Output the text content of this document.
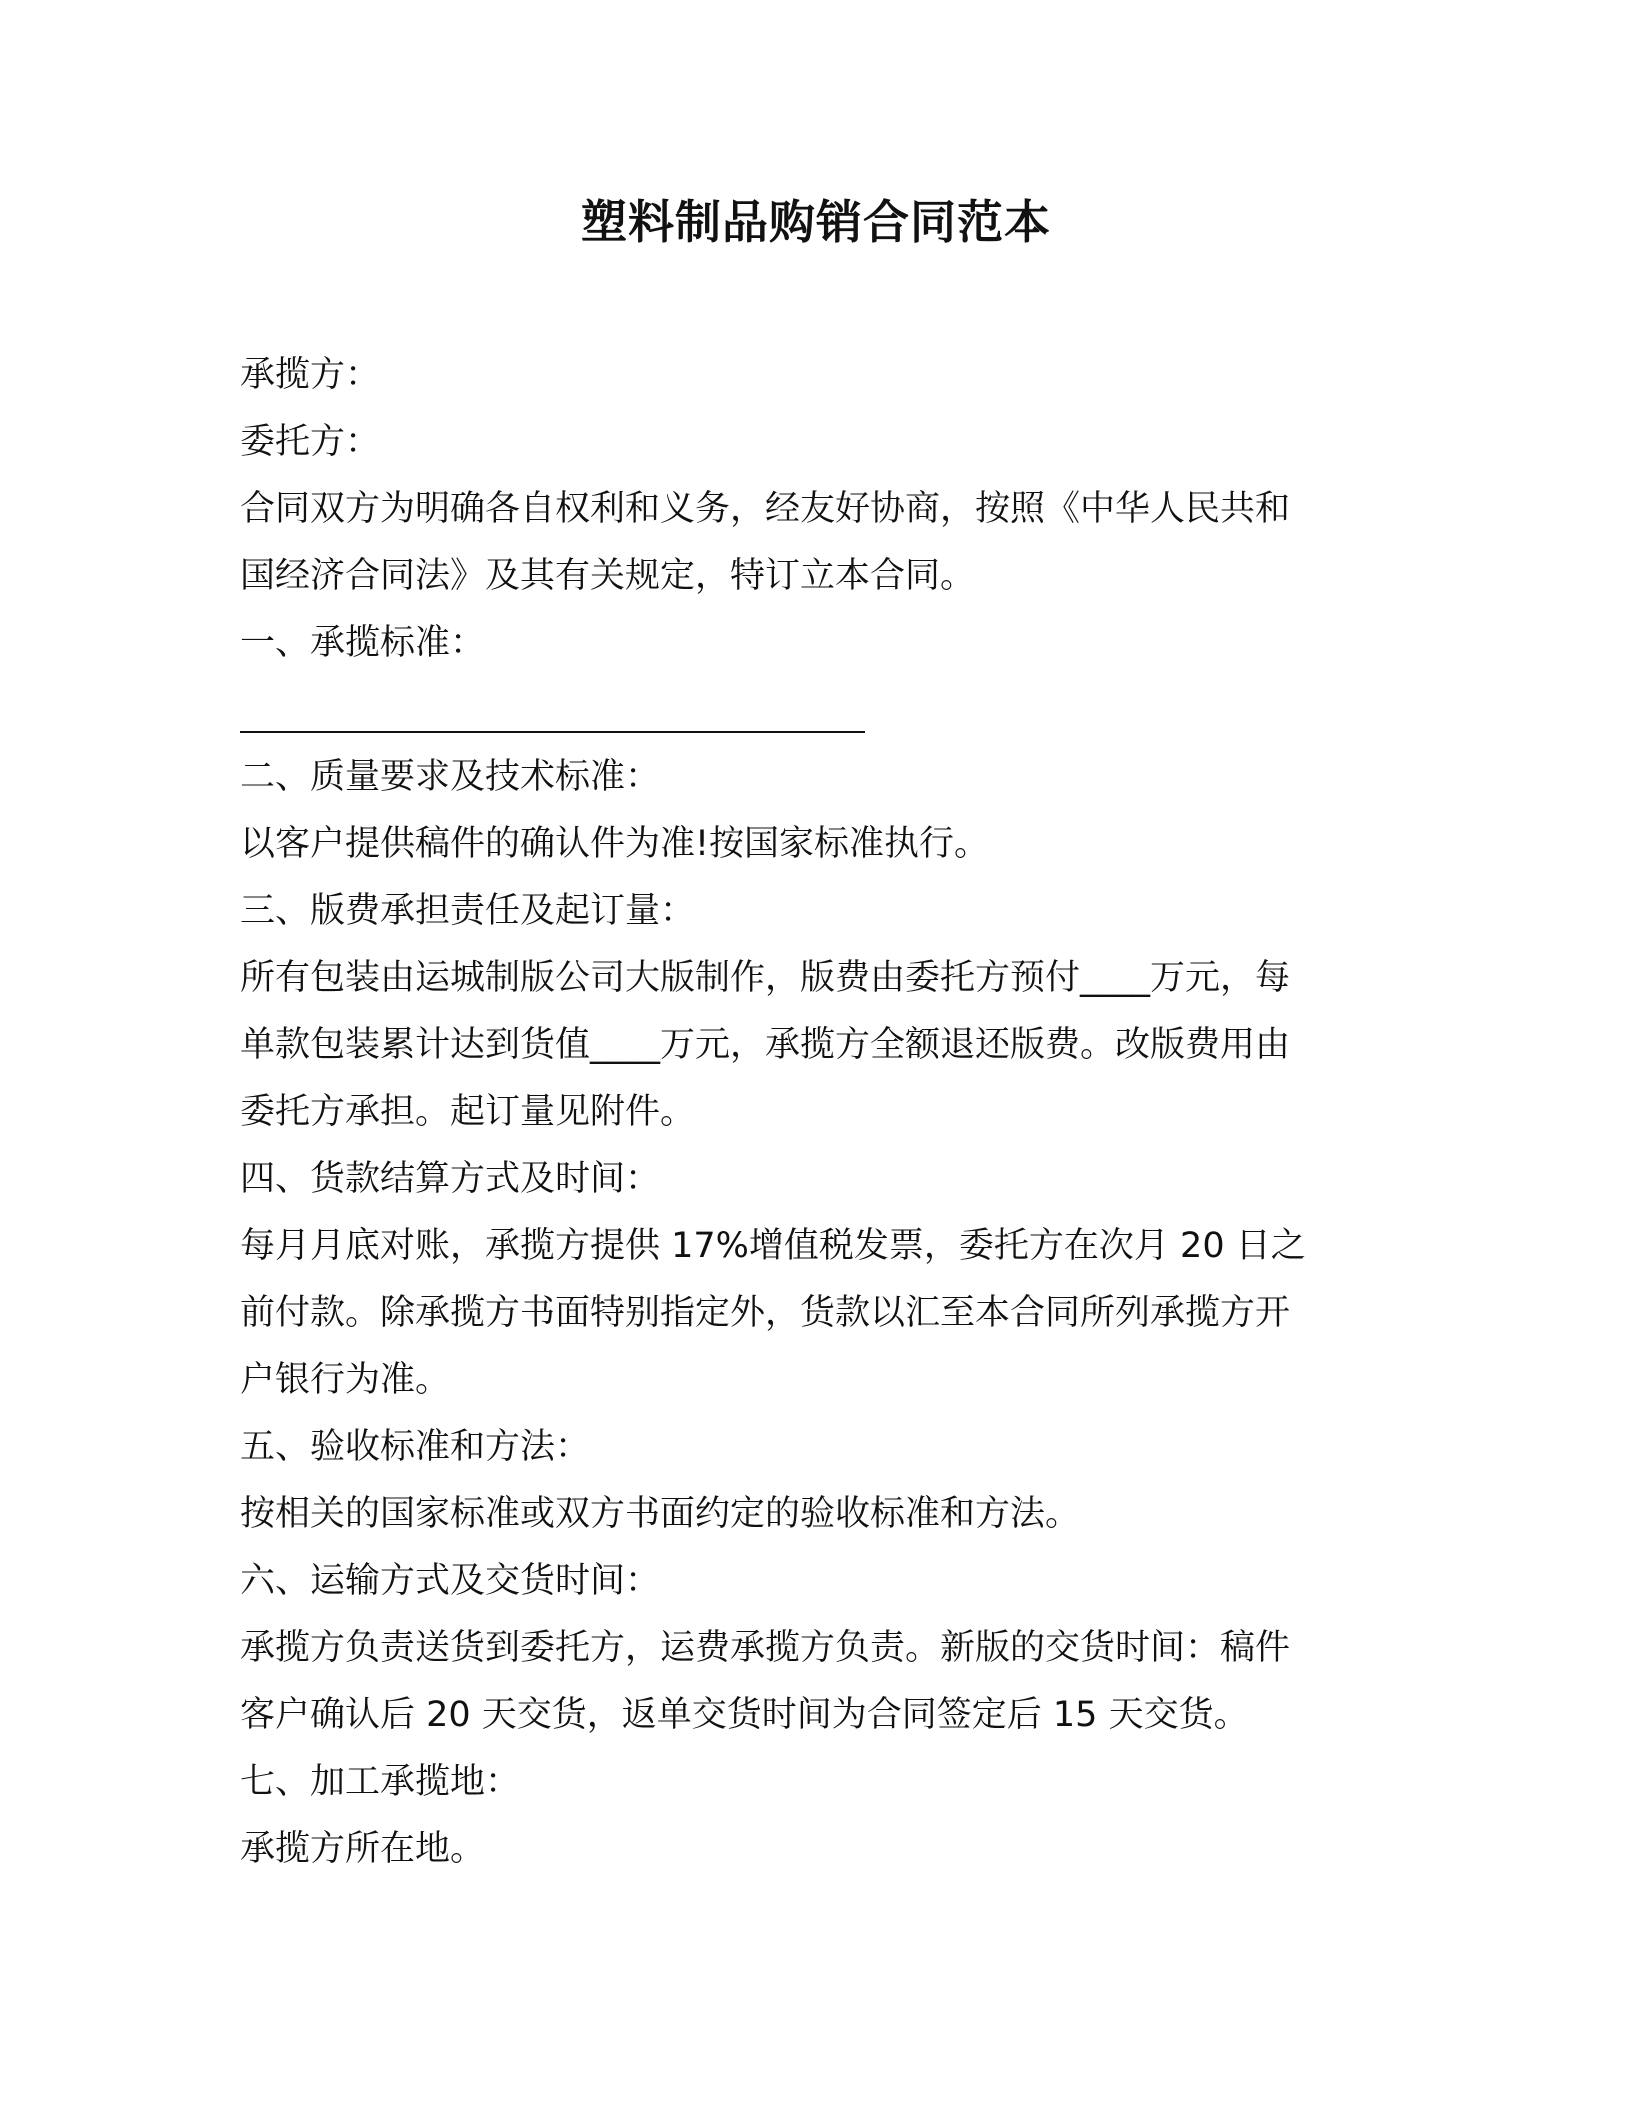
塑料制品购销合同范本
承揽方：
委托方：
合同双方为明确各自权利和义务，经友好协商，按照《中华人民共和
国经济合同法》及其有关规定，特订立本合同。
一、承揽标准：
二、质量要求及技术标准：
以客户提供稿件的确认件为准!按国家标准执行。
三、版费承担责任及起订量：
所有包装由运城制版公司大版制作，版费由委托方预付____万元，每
单款包装累计达到货值____万元，承揽方全额退还版费。改版费用由
委托方承担。起订量见附件。
四、货款结算方式及时间：
每月月底对账，承揽方提供 17%增值税发票，委托方在次月 20 日之
前付款。除承揽方书面特别指定外，货款以汇至本合同所列承揽方开
户银行为准。
五、验收标准和方法：
按相关的国家标准或双方书面约定的验收标准和方法。
六、运输方式及交货时间：
承揽方负责送货到委托方，运费承揽方负责。新版的交货时间：稿件
客户确认后 20 天交货，返单交货时间为合同签定后 15 天交货。
七、加工承揽地：
承揽方所在地。
